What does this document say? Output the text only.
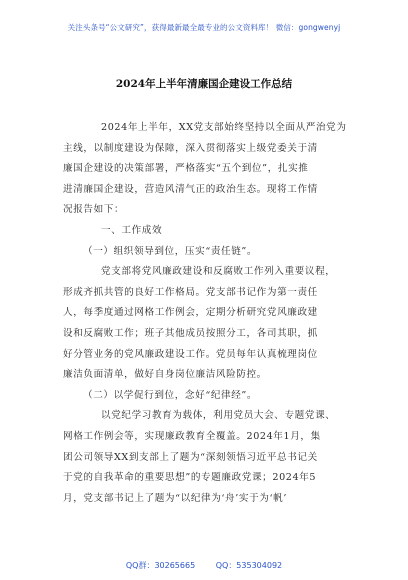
关注头条号“公文研究”，获得最新最全最专业的公文资料库！ 微信：gongwenyj
2024年上半年清廉国企建设工作总结
2024年上半年，XX党支部始终坚持以全面从严治党为
主线，以制度建设为保障，深入贯彻落实上级党委关于清
廉国企建设的决策部署，严格落实“五个到位”，扎实推
进清廉国企建设，营造风清气正的政治生态。现将工作情
况报告如下：
一、工作成效
（一）组织领导到位，压实“责任链”。
党支部将党风廉政建设和反腐败工作列入重要议程，
形成齐抓共管的良好工作格局。党支部书记作为第一责任
人，每季度通过网格工作例会，定期分析研究党风廉政建
设和反腐败工作；班子其他成员按照分工，各司其职，抓
好分管业务的党风廉政建设工作。党员每年认真梳理岗位
廉洁负面清单，做好自身岗位廉洁风险防控。
（二）以学促行到位，念好“纪律经”。
以党纪学习教育为载体，利用党员大会、专题党课、
网格工作例会等，实现廉政教育全覆盖。2024年1月，集
团公司领导XX到支部上了题为“深刻领悟习近平总书记关
于党的自我革命的重要思想”的专题廉政党课；2024年5
月，党支部书记上了题为“以纪律为‘舟’实于为‘帆’
QQ群：30265665	QQ：535304092
